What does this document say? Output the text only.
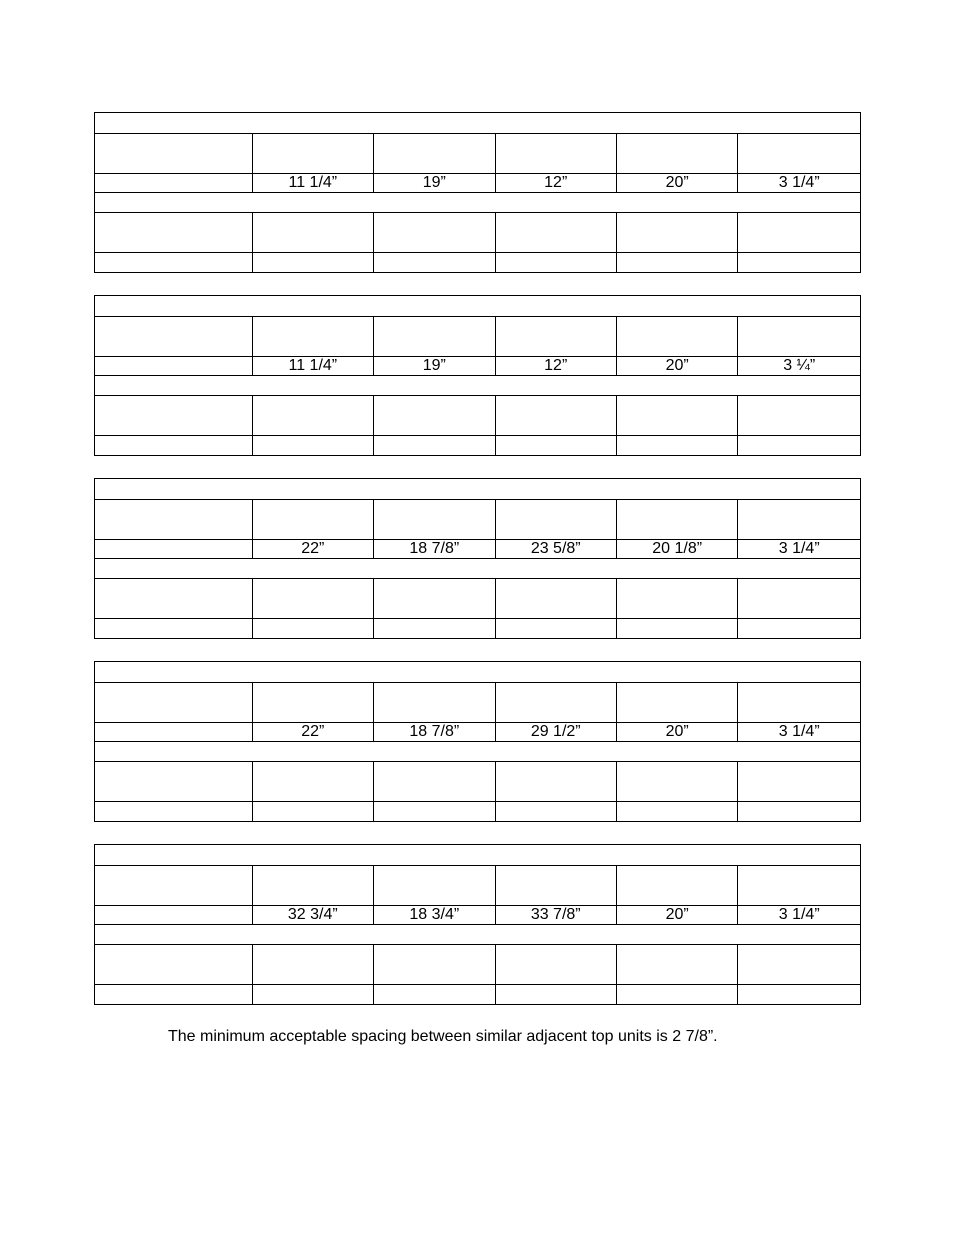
	11 1/4”	19”	12”	20”	3 1/4”

	11 1/4”	19”	12”	20”	3 ¼”

	22”	18 7/8”	23 5/8”	20 1/8”	3 1/4”

	22”	18 7/8”	29 1/2”	20”	3 1/4”

	32 3/4”	18 3/4”	33 7/8”	20”	3 1/4”

The minimum acceptable spacing between similar adjacent top units is 2 7/8”.
